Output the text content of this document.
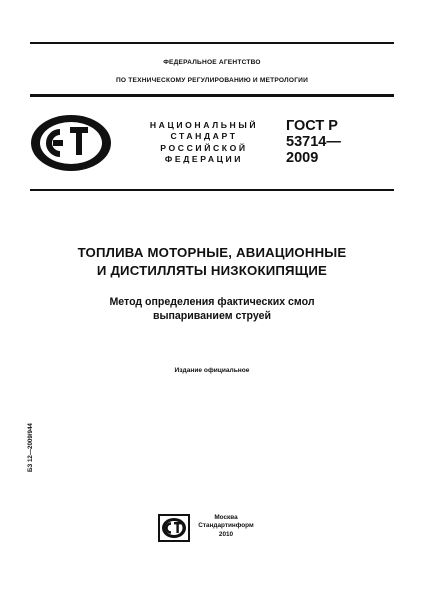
ФЕДЕРАЛЬНОЕ АГЕНТСТВО
ПО ТЕХНИЧЕСКОМУ РЕГУЛИРОВАНИЮ И МЕТРОЛОГИИ
НАЦИОНАЛЬНЫЙ
СТАНДАРТ
РОССИЙСКОЙ
ФЕДЕРАЦИИ
ГОСТ Р
53714—
2009
ТОПЛИВА МОТОРНЫЕ, АВИАЦИОННЫЕ
И ДИСТИЛЛЯТЫ НИЗКОКИПЯЩИЕ
Метод определения фактических смол
выпариванием струей
Издание официальное
БЗ 12—2009/944
Москва
Стандартинформ
2010
